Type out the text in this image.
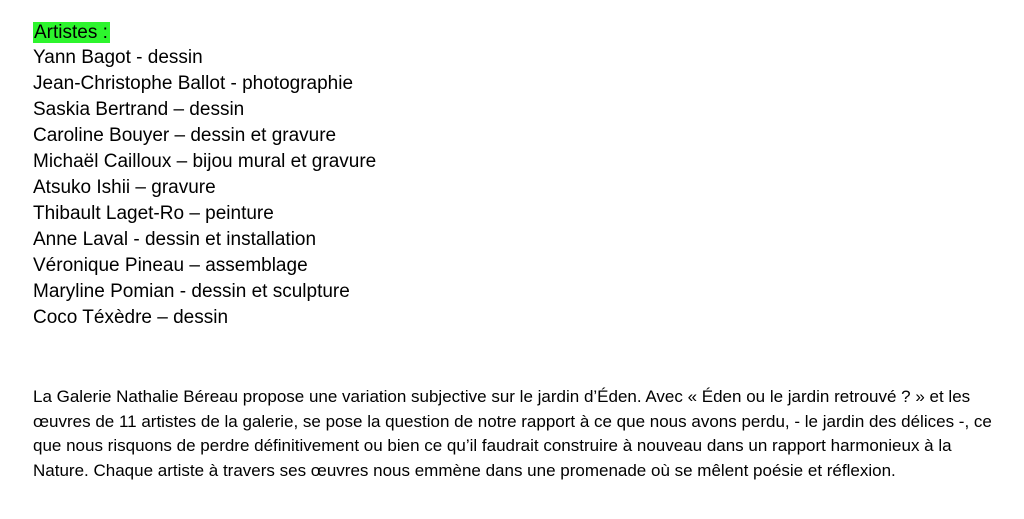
Artistes :

Yann Bagot - dessin
Jean-Christophe Ballot - photographie
Saskia Bertrand – dessin
Caroline Bouyer – dessin et gravure
Michaël Cailloux – bijou mural et gravure
Atsuko Ishii – gravure
Thibault Laget-Ro – peinture
Anne Laval - dessin et installation
Véronique Pineau – assemblage
Maryline Pomian - dessin et sculpture
Coco Téxèdre – dessin

La Galerie Nathalie Béreau propose une variation subjective sur le jardin d’Éden. Avec « Éden ou le jardin retrouvé ? » et les œuvres de 11 artistes de la galerie, se pose la question de notre rapport à ce que nous avons perdu, - le jardin des délices -, ce que nous risquons de perdre définitivement ou bien ce qu’il faudrait construire à nouveau dans un rapport harmonieux à la Nature. Chaque artiste à travers ses œuvres nous emmène dans une promenade où se mêlent poésie et réflexion.
